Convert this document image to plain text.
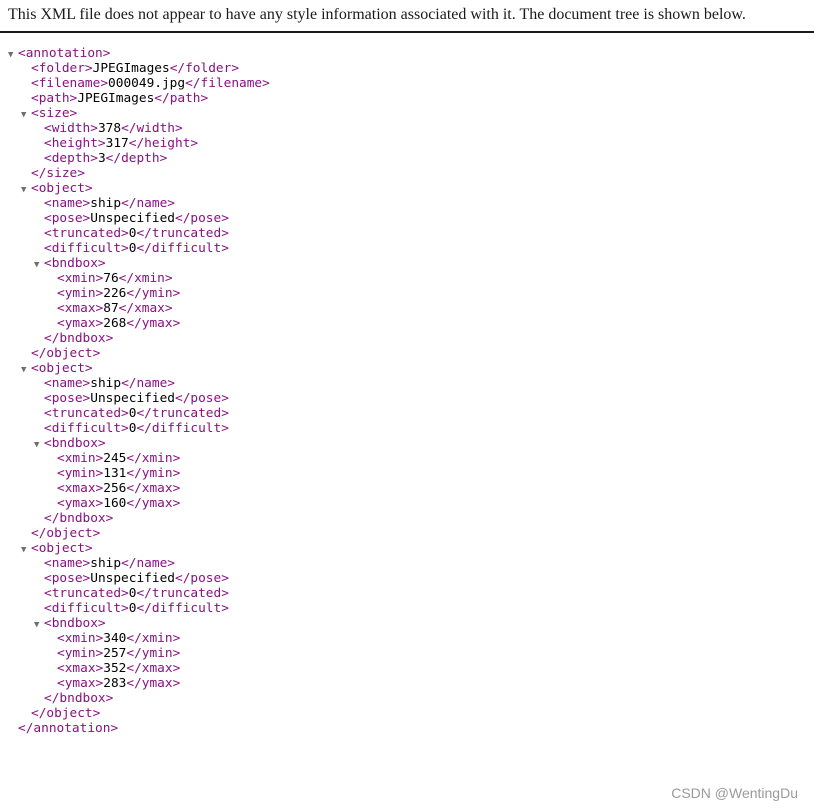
This XML file does not appear to have any style information associated with it. The document tree is shown below.
▼ <annotation>
<folder>JPEGImages</folder>
<filename>000049.jpg</filename>
<path>JPEGImages</path>
▼ <size>
<width>378</width>
<height>317</height>
<depth>3</depth>
</size>
▼ <object>
<name>ship</name>
<pose>Unspecified</pose>
<truncated>0</truncated>
<difficult>0</difficult>
▼ <bndbox>
<xmin>76</xmin>
<ymin>226</ymin>
<xmax>87</xmax>
<ymax>268</ymax>
</bndbox>
</object>
▼ <object>
<name>ship</name>
<pose>Unspecified</pose>
<truncated>0</truncated>
<difficult>0</difficult>
▼ <bndbox>
<xmin>245</xmin>
<ymin>131</ymin>
<xmax>256</xmax>
<ymax>160</ymax>
</bndbox>
</object>
▼ <object>
<name>ship</name>
<pose>Unspecified</pose>
<truncated>0</truncated>
<difficult>0</difficult>
▼ <bndbox>
<xmin>340</xmin>
<ymin>257</ymin>
<xmax>352</xmax>
<ymax>283</ymax>
</bndbox>
</object>
</annotation>
CSDN @WentingDu
